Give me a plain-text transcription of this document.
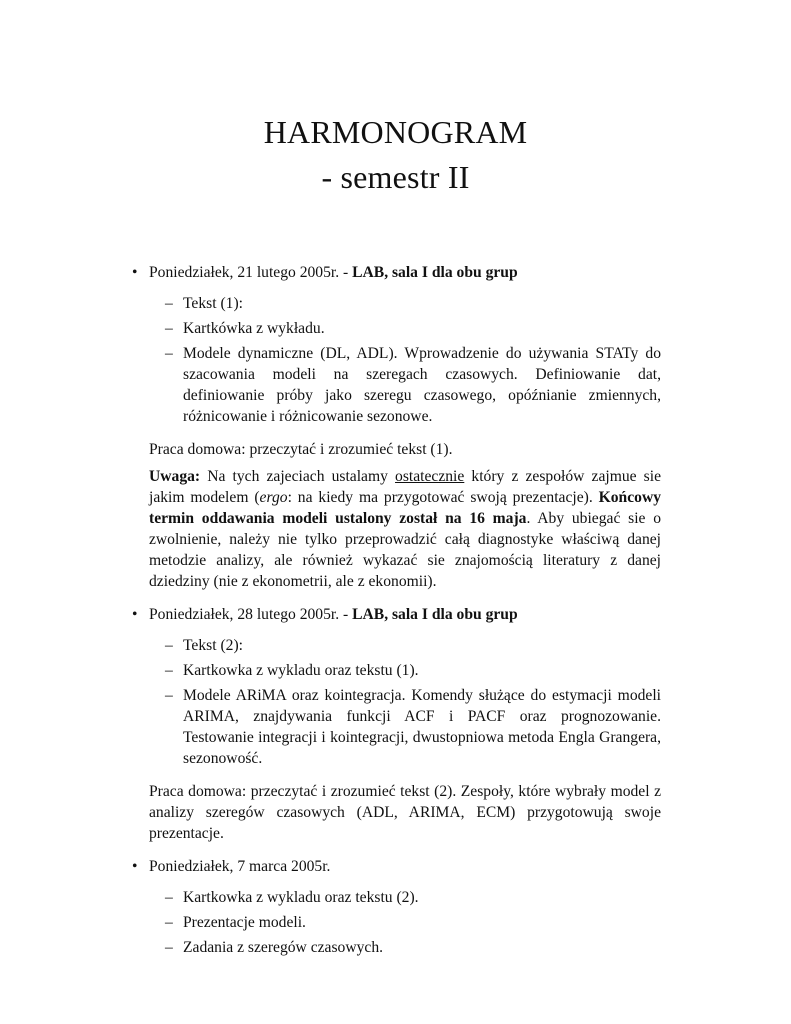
HARMONOGRAM
- semestr II
• Poniedziałek, 21 lutego 2005r. - LAB, sala I dla obu grup

– Tekst (1):
– Kartkówka z wykładu.
– Modele dynamiczne (DL, ADL). Wprowadzenie do używania STATy do szacowania modeli na szeregach czasowych. Definiowanie dat, definiowanie próby jako szeregu czasowego, opóźnianie zmiennych, różnicowanie i różnicowanie sezonowe.

Praca domowa: przeczytać i zrozumieć tekst (1).

Uwaga: Na tych zajeciach ustalamy ostatecznie który z zespołów zajmue sie jakim modelem (ergo: na kiedy ma przygotować swoją prezentacje). Końcowy termin oddawania modeli ustalony został na 16 maja. Aby ubiegać sie o zwolnienie, należy nie tylko przeprowadzić całą diagnostyke właściwą danej metodzie analizy, ale również wykazać sie znajomością literatury z danej dziedziny (nie z ekonometrii, ale z ekonomii).

• Poniedziałek, 28 lutego 2005r. - LAB, sala I dla obu grup

– Tekst (2):
– Kartkowka z wykladu oraz tekstu (1).
– Modele ARiMA oraz kointegracja. Komendy służące do estymacji modeli ARIMA, znajdywania funkcji ACF i PACF oraz prognozowanie. Testowanie integracji i kointegracji, dwustopniowa metoda Engla Grangera, sezonowość.

Praca domowa: przeczytać i zrozumieć tekst (2). Zespoły, które wybrały model z analizy szeregów czasowych (ADL, ARIMA, ECM) przygotowują swoje prezentacje.

• Poniedziałek, 7 marca 2005r.

– Kartkowka z wykladu oraz tekstu (2).
– Prezentacje modeli.
– Zadania z szeregów czasowych.
